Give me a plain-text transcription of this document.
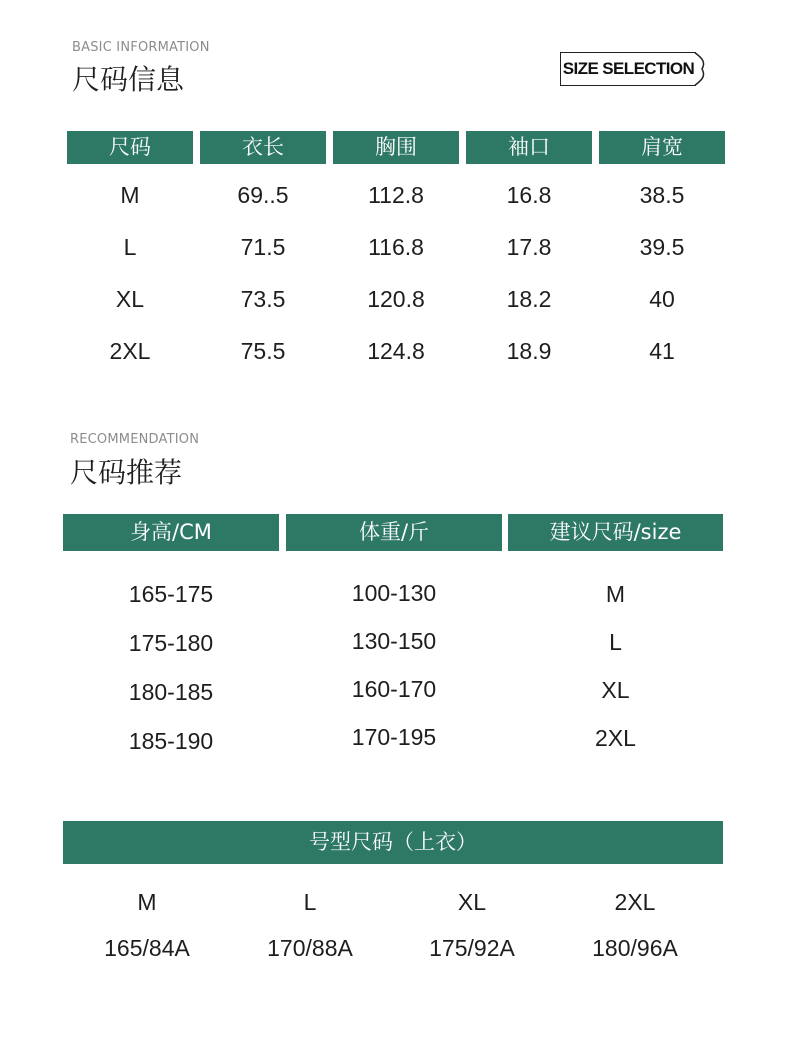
BASIC INFORMATION
尺码信息	SIZE SELECTION
尺码	衣长	胸围	袖口	肩宽
M	69..5	112.8	16.8	38.5
L	71.5	116.8	17.8	39.5
XL	73.5	120.8	18.2	40
2XL	75.5	124.8	18.9	41
RECOMMENDATION
尺码推荐
身高/CM	体重/斤	建议尺码/size
165-175	100-130	M
175-180	130-150	L
180-185	160-170	XL
185-190	170-195	2XL
号型尺码（上衣）
M	L	XL	2XL
165/84A	170/88A	175/92A	180/96A
